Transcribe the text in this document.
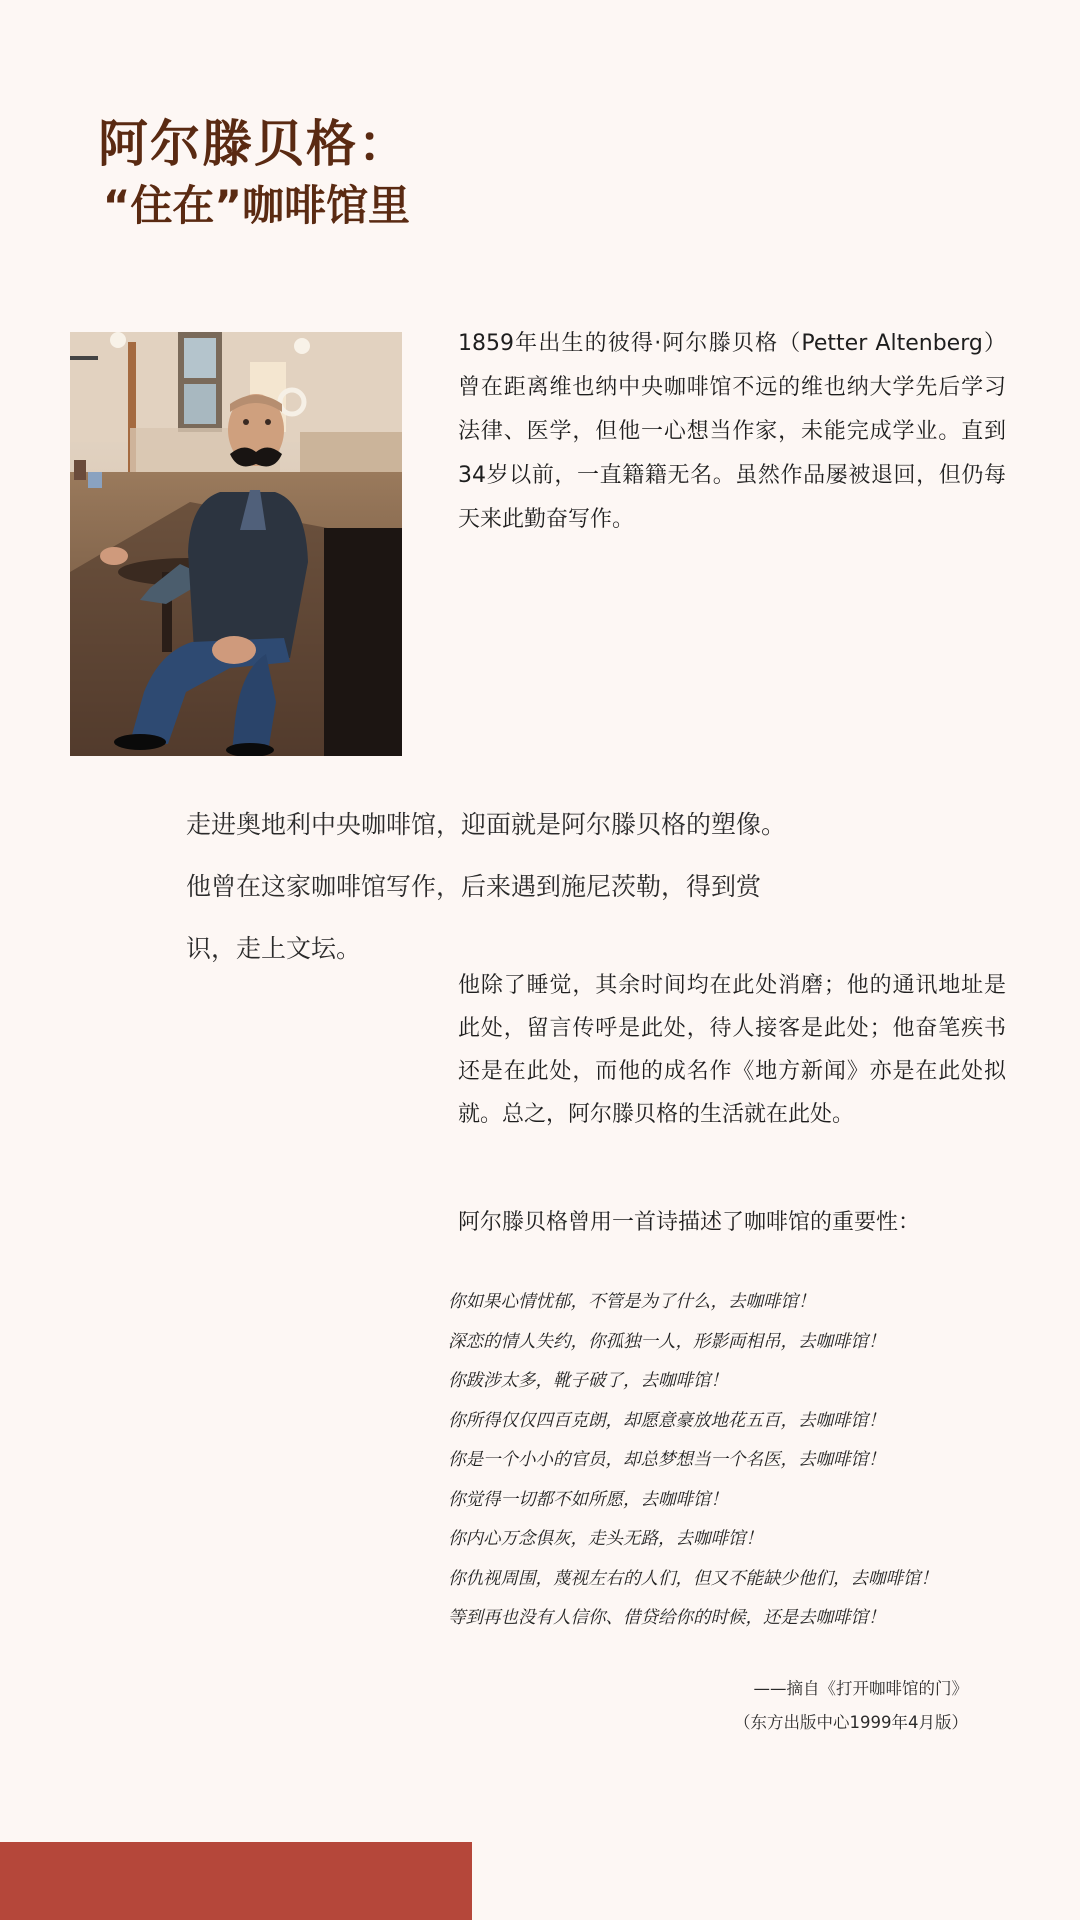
阿尔滕贝格：
“住在”咖啡馆里
1859年出生的彼得·阿尔滕贝格（Petter Altenberg）曾在距离维也纳中央咖啡馆不远的维也纳大学先后学习法律、医学，但他一心想当作家，未能完成学业。直到34岁以前，一直籍籍无名。虽然作品屡被退回，但仍每天来此勤奋写作。

走进奥地利中央咖啡馆，迎面就是阿尔滕贝格的塑像。

他曾在这家咖啡馆写作，后来遇到施尼茨勒，得到赏

识，走上文坛。

他除了睡觉，其余时间均在此处消磨；他的通讯地址是此处，留言传呼是此处，待人接客是此处；他奋笔疾书还是在此处，而他的成名作《地方新闻》亦是在此处拟就。总之，阿尔滕贝格的生活就在此处。
阿尔滕贝格曾用一首诗描述了咖啡馆的重要性：
你如果心情忧郁，不管是为了什么，去咖啡馆！
深恋的情人失约，你孤独一人，形影両相吊，去咖啡馆！
你跋涉太多，靴子破了，去咖啡馆！
你所得仅仅四百克朗，却愿意豪放地花五百，去咖啡馆！
你是一个小小的官员，却总梦想当一个名医，去咖啡馆！
你觉得一切都不如所愿，去咖啡馆！
你内心万念俱灰，走头无路，去咖啡馆！
你仇视周围，蔑视左右的人们，但又不能缺少他们，去咖啡馆！
等到再也没有人信你、借贷给你的时候，还是去咖啡馆！
——摘自《打开咖啡馆的门》
（东方出版中心1999年4月版）
